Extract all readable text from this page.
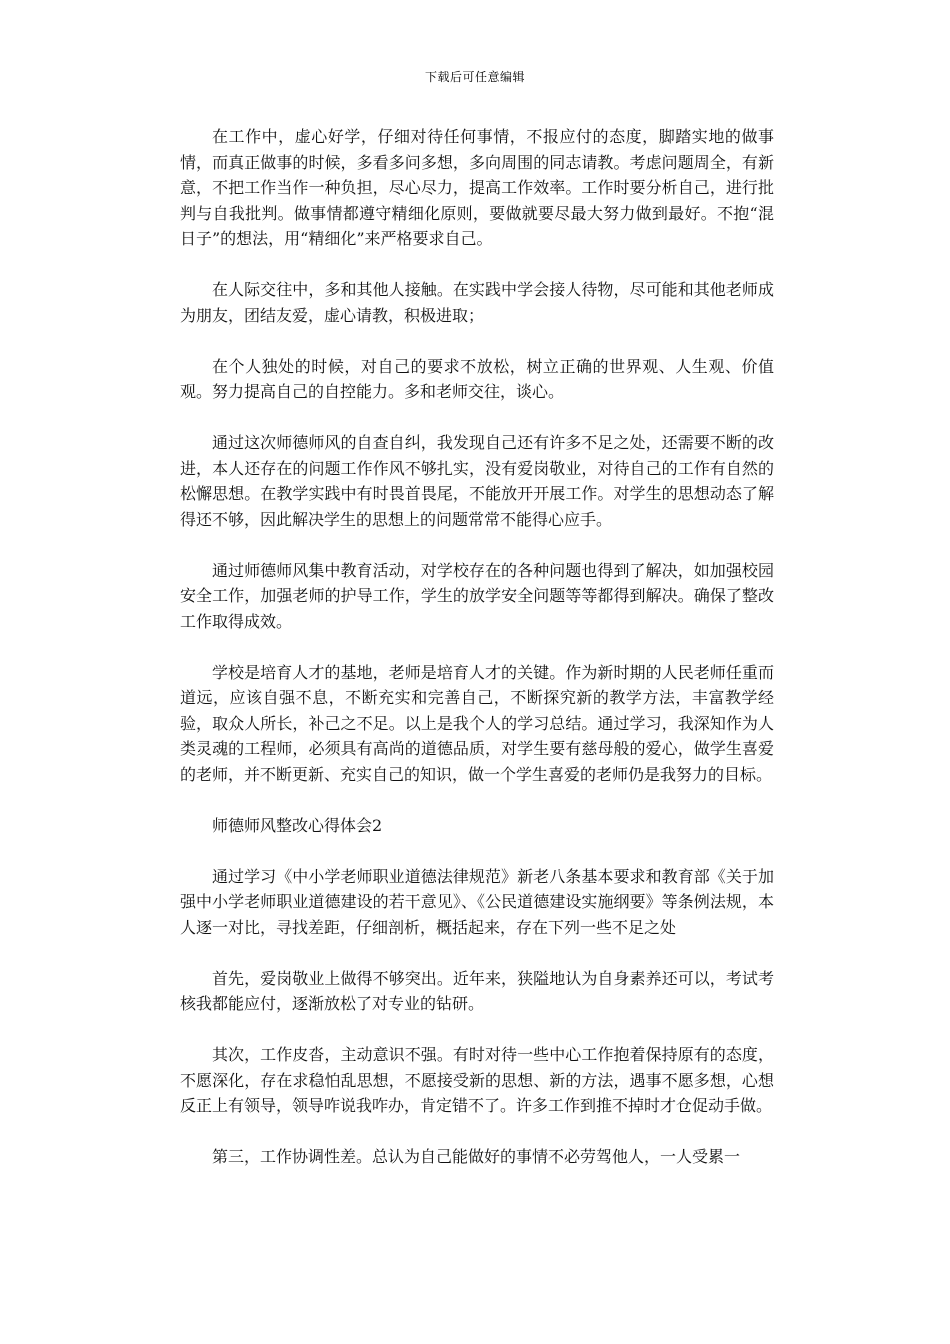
下载后可任意编辑

在工作中，虚心好学，仔细对待任何事情，不报应付的态度，脚踏实地的做事情，而真正做事的时候，多看多问多想，多向周围的同志请教。考虑问题周全，有新意，不把工作当作一种负担，尽心尽力，提高工作效率。工作时要分析自己，进行批判与自我批判。做事情都遵守精细化原则，要做就要尽最大努力做到最好。不抱“混日子”的想法，用“精细化”来严格要求自己。

在人际交往中，多和其他人接触。在实践中学会接人待物，尽可能和其他老师成为朋友，团结友爱，虚心请教，积极进取；

在个人独处的时候，对自己的要求不放松，树立正确的世界观、人生观、价值观。努力提高自己的自控能力。多和老师交往，谈心。

通过这次师德师风的自查自纠，我发现自己还有许多不足之处，还需要不断的改进，本人还存在的问题工作作风不够扎实，没有爱岗敬业，对待自己的工作有自然的松懈思想。在教学实践中有时畏首畏尾，不能放开开展工作。对学生的思想动态了解得还不够，因此解决学生的思想上的问题常常不能得心应手。

通过师德师风集中教育活动，对学校存在的各种问题也得到了解决，如加强校园安全工作，加强老师的护导工作，学生的放学安全问题等等都得到解决。确保了整改工作取得成效。

学校是培育人才的基地，老师是培育人才的关键。作为新时期的人民老师任重而道远，应该自强不息，不断充实和完善自己，不断探究新的教学方法，丰富教学经验，取众人所长，补己之不足。以上是我个人的学习总结。通过学习，我深知作为人类灵魂的工程师，必须具有高尚的道德品质，对学生要有慈母般的爱心，做学生喜爱的老师，并不断更新、充实自己的知识，做一个学生喜爱的老师仍是我努力的目标。

师德师风整改心得体会2

通过学习《中小学老师职业道德法律规范》新老八条基本要求和教育部《关于加强中小学老师职业道德建设的若干意见》、《公民道德建设实施纲要》等条例法规，本人逐一对比，寻找差距，仔细剖析，概括起来，存在下列一些不足之处

首先，爱岗敬业上做得不够突出。近年来，狭隘地认为自身素养还可以，考试考核我都能应付，逐渐放松了对专业的钻研。

其次，工作皮沓，主动意识不强。有时对待一些中心工作抱着保持原有的态度，不愿深化，存在求稳怕乱思想，不愿接受新的思想、新的方法，遇事不愿多想，心想反正上有领导，领导咋说我咋办，肯定错不了。许多工作到推不掉时才仓促动手做。

第三，工作协调性差。总认为自己能做好的事情不必劳驾他人，一人受累一
